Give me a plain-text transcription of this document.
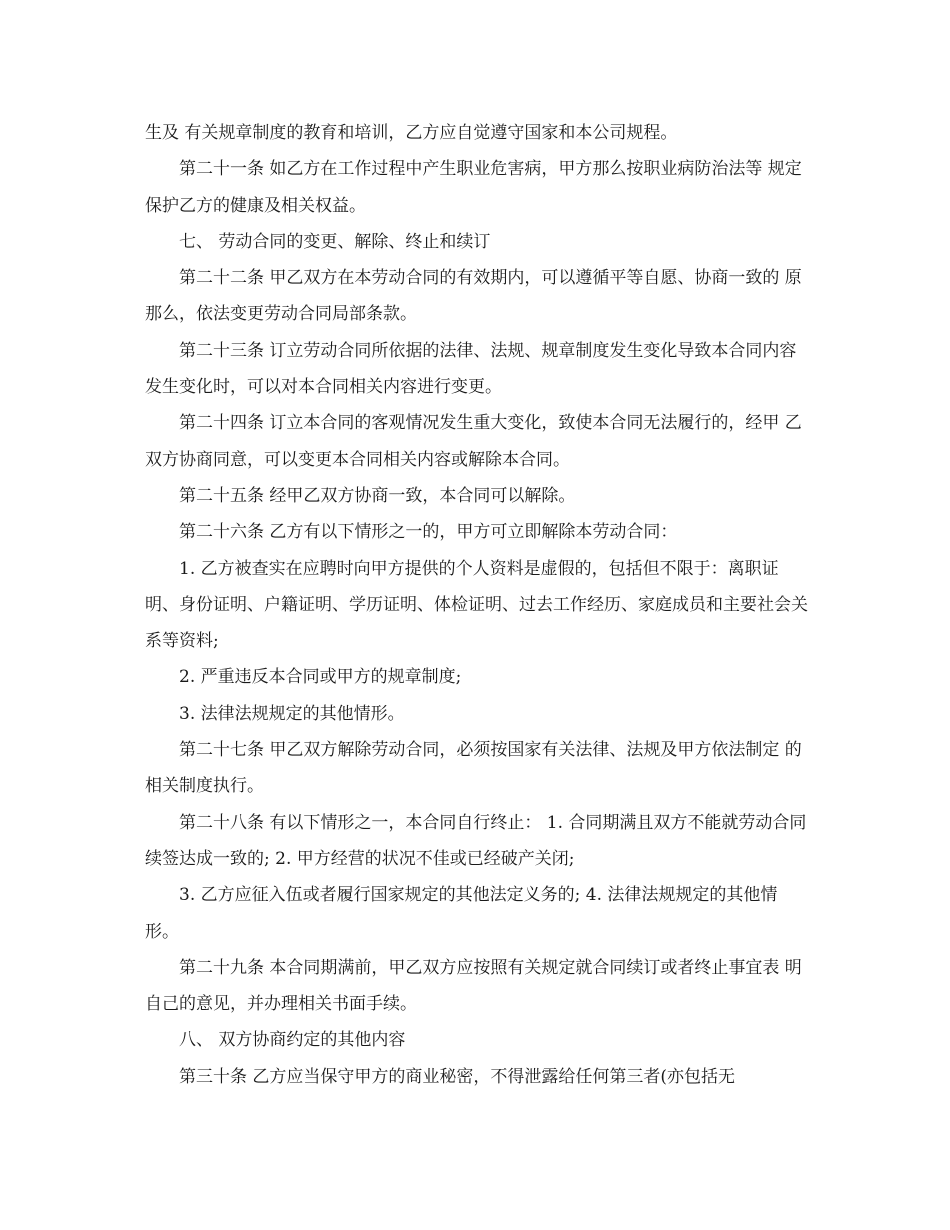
生及 有关规章制度的教育和培训，乙方应自觉遵守国家和本公司规程。

第二十一条 如乙方在工作过程中产生职业危害病，甲方那么按职业病防治法等 规定保护乙方的健康及相关权益。

七、 劳动合同的变更、解除、终止和续订

第二十二条 甲乙双方在本劳动合同的有效期内，可以遵循平等自愿、协商一致的 原那么，依法变更劳动合同局部条款。

第二十三条 订立劳动合同所依据的法律、法规、规章制度发生变化导致本合同内容发生变化时，可以对本合同相关内容进行变更。

第二十四条 订立本合同的客观情况发生重大变化，致使本合同无法履行的，经甲 乙双方协商同意，可以变更本合同相关内容或解除本合同。

第二十五条 经甲乙双方协商一致，本合同可以解除。

第二十六条 乙方有以下情形之一的，甲方可立即解除本劳动合同：

1. 乙方被查实在应聘时向甲方提供的个人资料是虚假的，包括但不限于：离职证明、身份证明、户籍证明、学历证明、体检证明、过去工作经历、家庭成员和主要社会关系等资料;

2. 严重违反本合同或甲方的规章制度;

3. 法律法规规定的其他情形。

第二十七条 甲乙双方解除劳动合同，必须按国家有关法律、法规及甲方依法制定 的相关制度执行。

第二十八条 有以下情形之一，本合同自行终止： 1. 合同期满且双方不能就劳动合同续签达成一致的; 2. 甲方经营的状况不佳或已经破产关闭;

3. 乙方应征入伍或者履行国家规定的其他法定义务的; 4. 法律法规规定的其他情形。

第二十九条 本合同期满前，甲乙双方应按照有关规定就合同续订或者终止事宜表 明自己的意见，并办理相关书面手续。

八、 双方协商约定的其他内容

第三十条 乙方应当保守甲方的商业秘密，不得泄露给任何第三者(亦包括无
